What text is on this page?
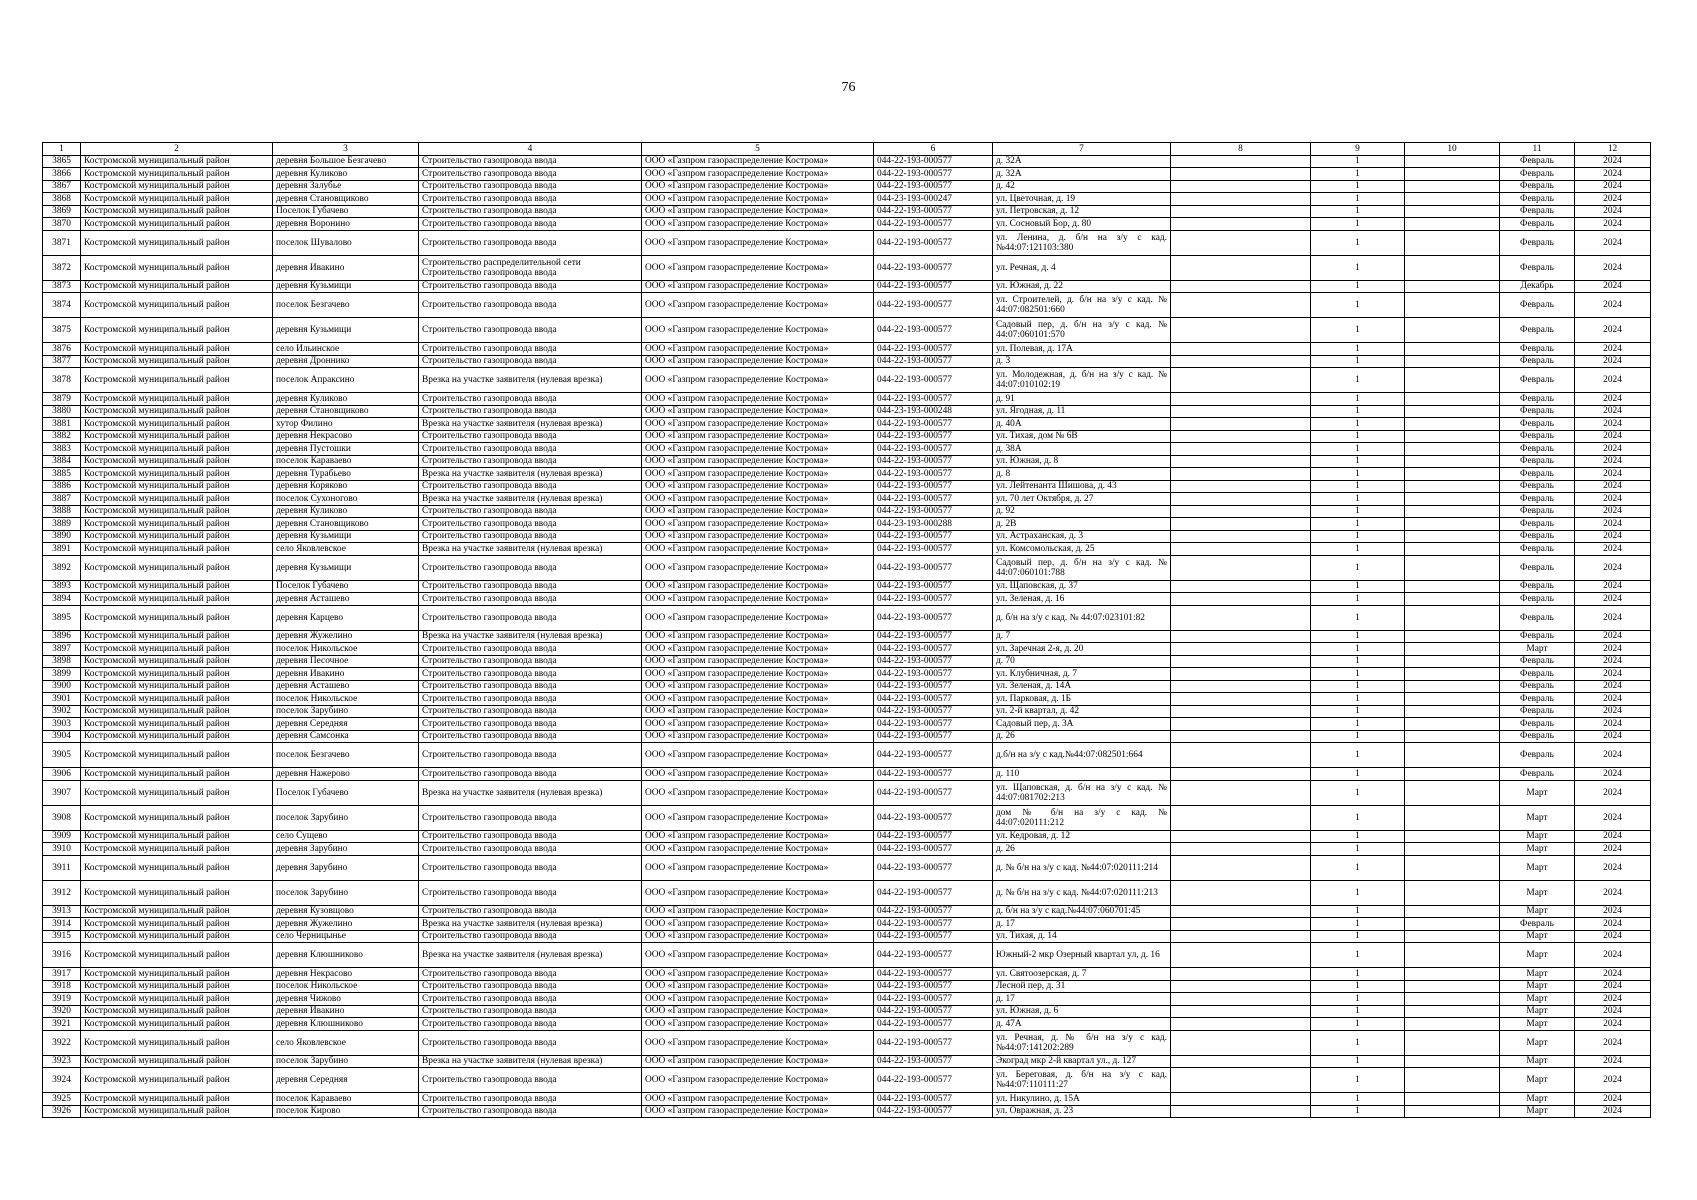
76
1	2	3	4	5	6	7	8	9	10	11	12
3865	Костромской муниципальный район	деревня Большое Безгачево	Строительство газопровода ввода	ООО «Газпром газораспределение Кострома»	044-22-193-000577	д. 32А		1		Февраль	2024
3866	Костромской муниципальный район	деревня Куликово	Строительство газопровода ввода	ООО «Газпром газораспределение Кострома»	044-22-193-000577	д. 32А		1		Февраль	2024
3867	Костромской муниципальный район	деревня Залубье	Строительство газопровода ввода	ООО «Газпром газораспределение Кострома»	044-22-193-000577	д. 42		1		Февраль	2024
3868	Костромской муниципальный район	деревня Становщиково	Строительство газопровода ввода	ООО «Газпром газораспределение Кострома»	044-23-193-000247	ул. Цветочная, д. 19		1		Февраль	2024
3869	Костромской муниципальный район	Поселок Губачево	Строительство газопровода ввода	ООО «Газпром газораспределение Кострома»	044-22-193-000577	ул. Петровская, д. 12		1		Февраль	2024
3870	Костромской муниципальный район	деревня Воронино	Строительство газопровода ввода	ООО «Газпром газораспределение Кострома»	044-22-193-000577	ул. Сосновый Бор, д. 80		1		Февраль	2024
3871	Костромской муниципальный район	поселок Шувалово	Строительство газопровода ввода	ООО «Газпром газораспределение Кострома»	044-22-193-000577	ул. Ленина, д. б/н на з/у с кад. №44:07:121103:380		1		Февраль	2024
3872	Костромской муниципальный район	деревня Ивакино	Строительство распределительной сети Строительство газопровода ввода	ООО «Газпром газораспределение Кострома»	044-22-193-000577	ул. Речная, д. 4		1		Февраль	2024
3873	Костромской муниципальный район	деревня Кузьмищи	Строительство газопровода ввода	ООО «Газпром газораспределение Кострома»	044-22-193-000577	ул. Южная, д. 22		1		Декабрь	2024
3874	Костромской муниципальный район	поселок Безгачево	Строительство газопровода ввода	ООО «Газпром газораспределение Кострома»	044-22-193-000577	ул. Строителей, д. б/н на з/у с кад. № 44:07:082501:660		1		Февраль	2024
3875	Костромской муниципальный район	деревня Кузьмищи	Строительство газопровода ввода	ООО «Газпром газораспределение Кострома»	044-22-193-000577	Садовый пер, д. б/н на з/у с кад. № 44:07:060101:570		1		Февраль	2024
3876	Костромской муниципальный район	село Ильинское	Строительство газопровода ввода	ООО «Газпром газораспределение Кострома»	044-22-193-000577	ул. Полевая, д. 17А		1		Февраль	2024
3877	Костромской муниципальный район	деревня Дроннико	Строительство газопровода ввода	ООО «Газпром газораспределение Кострома»	044-22-193-000577	д. 3		1		Февраль	2024
3878	Костромской муниципальный район	поселок Апраксино	Врезка на участке заявителя (нулевая врезка)	ООО «Газпром газораспределение Кострома»	044-22-193-000577	ул. Молодежная, д. б/н на з/у с кад. № 44:07:010102:19		1		Февраль	2024
3879	Костромской муниципальный район	деревня Куликово	Строительство газопровода ввода	ООО «Газпром газораспределение Кострома»	044-22-193-000577	д. 91		1		Февраль	2024
3880	Костромской муниципальный район	деревня Становщиково	Строительство газопровода ввода	ООО «Газпром газораспределение Кострома»	044-23-193-000248	ул. Ягодная, д. 11		1		Февраль	2024
3881	Костромской муниципальный район	хутор Филино	Врезка на участке заявителя (нулевая врезка)	ООО «Газпром газораспределение Кострома»	044-22-193-000577	д. 40А		1		Февраль	2024
3882	Костромской муниципальный район	деревня Некрасово	Строительство газопровода ввода	ООО «Газпром газораспределение Кострома»	044-22-193-000577	ул. Тихая, дом № 6В		1		Февраль	2024
3883	Костромской муниципальный район	деревня Пустошки	Строительство газопровода ввода	ООО «Газпром газораспределение Кострома»	044-22-193-000577	д. 38А		1		Февраль	2024
3884	Костромской муниципальный район	поселок Караваево	Строительство газопровода ввода	ООО «Газпром газораспределение Кострома»	044-22-193-000577	ул. Южная, д. 8		1		Февраль	2024
3885	Костромской муниципальный район	деревня Турабьево	Врезка на участке заявителя (нулевая врезка)	ООО «Газпром газораспределение Кострома»	044-22-193-000577	д. 8		1		Февраль	2024
3886	Костромской муниципальный район	деревня Коряково	Строительство газопровода ввода	ООО «Газпром газораспределение Кострома»	044-22-193-000577	ул. Лейтенанта Шишова, д. 43		1		Февраль	2024
3887	Костромской муниципальный район	поселок Сухоногово	Врезка на участке заявителя (нулевая врезка)	ООО «Газпром газораспределение Кострома»	044-22-193-000577	ул. 70 лет Октября, д. 27		1		Февраль	2024
3888	Костромской муниципальный район	деревня Куликово	Строительство газопровода ввода	ООО «Газпром газораспределение Кострома»	044-22-193-000577	д. 92		1		Февраль	2024
3889	Костромской муниципальный район	деревня Становщиково	Строительство газопровода ввода	ООО «Газпром газораспределение Кострома»	044-23-193-000288	д. 2В		1		Февраль	2024
3890	Костромской муниципальный район	деревня Кузьмищи	Строительство газопровода ввода	ООО «Газпром газораспределение Кострома»	044-22-193-000577	ул. Астраханская, д. 3		1		Февраль	2024
3891	Костромской муниципальный район	село Яковлевское	Врезка на участке заявителя (нулевая врезка)	ООО «Газпром газораспределение Кострома»	044-22-193-000577	ул. Комсомольская, д. 25		1		Февраль	2024
3892	Костромской муниципальный район	деревня Кузьмищи	Строительство газопровода ввода	ООО «Газпром газораспределение Кострома»	044-22-193-000577	Садовый пер, д. б/н на з/у с кад. № 44:07:060101:788		1		Февраль	2024
3893	Костромской муниципальный район	Поселок Губачево	Строительство газопровода ввода	ООО «Газпром газораспределение Кострома»	044-22-193-000577	ул. Щаповская, д. 37		1		Февраль	2024
3894	Костромской муниципальный район	деревня Асташево	Строительство газопровода ввода	ООО «Газпром газораспределение Кострома»	044-22-193-000577	ул. Зеленая, д. 16		1		Февраль	2024
3895	Костромской муниципальный район	деревня Карцево	Строительство газопровода ввода	ООО «Газпром газораспределение Кострома»	044-22-193-000577	д. б/н на з/у с кад. № 44:07:023101:82		1		Февраль	2024
3896	Костромской муниципальный район	деревня Жужелино	Врезка на участке заявителя (нулевая врезка)	ООО «Газпром газораспределение Кострома»	044-22-193-000577	д. 7		1		Февраль	2024
3897	Костромской муниципальный район	поселок Никольское	Строительство газопровода ввода	ООО «Газпром газораспределение Кострома»	044-22-193-000577	ул. Заречная 2-я, д. 20		1		Март	2024
3898	Костромской муниципальный район	деревня Песочное	Строительство газопровода ввода	ООО «Газпром газораспределение Кострома»	044-22-193-000577	д. 70		1		Февраль	2024
3899	Костромской муниципальный район	деревня Ивакино	Строительство газопровода ввода	ООО «Газпром газораспределение Кострома»	044-22-193-000577	ул. Клубничная, д. 7		1		Февраль	2024
3900	Костромской муниципальный район	деревня Асташево	Строительство газопровода ввода	ООО «Газпром газораспределение Кострома»	044-22-193-000577	ул. Зеленая, д. 14А		1		Февраль	2024
3901	Костромской муниципальный район	поселок Никольское	Строительство газопровода ввода	ООО «Газпром газораспределение Кострома»	044-22-193-000577	ул. Парковая, д. 1Б		1		Февраль	2024
3902	Костромской муниципальный район	поселок Зарубино	Строительство газопровода ввода	ООО «Газпром газораспределение Кострома»	044-22-193-000577	ул. 2-й квартал, д. 42		1		Февраль	2024
3903	Костромской муниципальный район	деревня Середняя	Строительство газопровода ввода	ООО «Газпром газораспределение Кострома»	044-22-193-000577	Садовый пер, д. 3А		1		Февраль	2024
3904	Костромской муниципальный район	деревня Самсонка	Строительство газопровода ввода	ООО «Газпром газораспределение Кострома»	044-22-193-000577	д. 26		1		Февраль	2024
3905	Костромской муниципальный район	поселок Безгачево	Строительство газопровода ввода	ООО «Газпром газораспределение Кострома»	044-22-193-000577	д.б/н на з/у с кад.№44:07:082501:664		1		Февраль	2024
3906	Костромской муниципальный район	деревня Нажерово	Строительство газопровода ввода	ООО «Газпром газораспределение Кострома»	044-22-193-000577	д. 110		1		Февраль	2024
3907	Костромской муниципальный район	Поселок Губачево	Врезка на участке заявителя (нулевая врезка)	ООО «Газпром газораспределение Кострома»	044-22-193-000577	ул. Щаповская, д. б/н на з/у с кад. № 44:07:081702:213		1		Март	2024
3908	Костромской муниципальный район	поселок Зарубино	Строительство газопровода ввода	ООО «Газпром газораспределение Кострома»	044-22-193-000577	дом № б/н на з/у с кад. № 44:07:020111:212		1		Март	2024
3909	Костромской муниципальный район	село Сущево	Строительство газопровода ввода	ООО «Газпром газораспределение Кострома»	044-22-193-000577	ул. Кедровая, д. 12		1		Март	2024
3910	Костромской муниципальный район	деревня Зарубино	Строительство газопровода ввода	ООО «Газпром газораспределение Кострома»	044-22-193-000577	д. 26		1		Март	2024
3911	Костромской муниципальный район	деревня Зарубино	Строительство газопровода ввода	ООО «Газпром газораспределение Кострома»	044-22-193-000577	д. № б/н на з/у с кад. №44:07:020111:214		1		Март	2024
3912	Костромской муниципальный район	поселок Зарубино	Строительство газопровода ввода	ООО «Газпром газораспределение Кострома»	044-22-193-000577	д. № б/н на з/у с кад. №44:07:020111:213		1		Март	2024
3913	Костромской муниципальный район	деревня Кузовщово	Строительство газопровода ввода	ООО «Газпром газораспределение Кострома»	044-22-193-000577	д. б/н на з/у с кад.№44:07:060701:45		1		Март	2024
3914	Костромской муниципальный район	деревня Жужелино	Врезка на участке заявителя (нулевая врезка)	ООО «Газпром газораспределение Кострома»	044-22-193-000577	д. 17		1		Февраль	2024
3915	Костромской муниципальный район	село Черницынье	Строительство газопровода ввода	ООО «Газпром газораспределение Кострома»	044-22-193-000577	ул. Тихая, д. 14		1		Март	2024
3916	Костромской муниципальный район	деревня Клюшниково	Врезка на участке заявителя (нулевая врезка)	ООО «Газпром газораспределение Кострома»	044-22-193-000577	Южный-2 мкр Озерный квартал ул, д. 16		1		Март	2024
3917	Костромской муниципальный район	деревня Некрасово	Строительство газопровода ввода	ООО «Газпром газораспределение Кострома»	044-22-193-000577	ул. Святоозерская, д. 7		1		Март	2024
3918	Костромской муниципальный район	поселок Никольское	Строительство газопровода ввода	ООО «Газпром газораспределение Кострома»	044-22-193-000577	Лесной пер, д. 31		1		Март	2024
3919	Костромской муниципальный район	деревня Чижово	Строительство газопровода ввода	ООО «Газпром газораспределение Кострома»	044-22-193-000577	д. 17		1		Март	2024
3920	Костромской муниципальный район	деревня Ивакино	Строительство газопровода ввода	ООО «Газпром газораспределение Кострома»	044-22-193-000577	ул. Южная, д. 6		1		Март	2024
3921	Костромской муниципальный район	деревня Клюшниково	Строительство газопровода ввода	ООО «Газпром газораспределение Кострома»	044-22-193-000577	д. 47А		1		Март	2024
3922	Костромской муниципальный район	село Яковлевское	Строительство газопровода ввода	ООО «Газпром газораспределение Кострома»	044-22-193-000577	ул. Речная, д. № б/н на з/у с кад. №44:07:141202:289		1		Март	2024
3923	Костромской муниципальный район	поселок Зарубино	Врезка на участке заявителя (нулевая врезка)	ООО «Газпром газораспределение Кострома»	044-22-193-000577	Экоград мкр 2-й квартал ул., д. 127		1		Март	2024
3924	Костромской муниципальный район	деревня Середняя	Строительство газопровода ввода	ООО «Газпром газораспределение Кострома»	044-22-193-000577	ул. Береговая, д. б/н на з/у с кад. №44:07:110111:27		1		Март	2024
3925	Костромской муниципальный район	поселок Караваево	Строительство газопровода ввода	ООО «Газпром газораспределение Кострома»	044-22-193-000577	ул. Никулино, д. 15А		1		Март	2024
3926	Костромской муниципальный район	поселок Кирово	Строительство газопровода ввода	ООО «Газпром газораспределение Кострома»	044-22-193-000577	ул. Овражная, д. 23		1		Март	2024
